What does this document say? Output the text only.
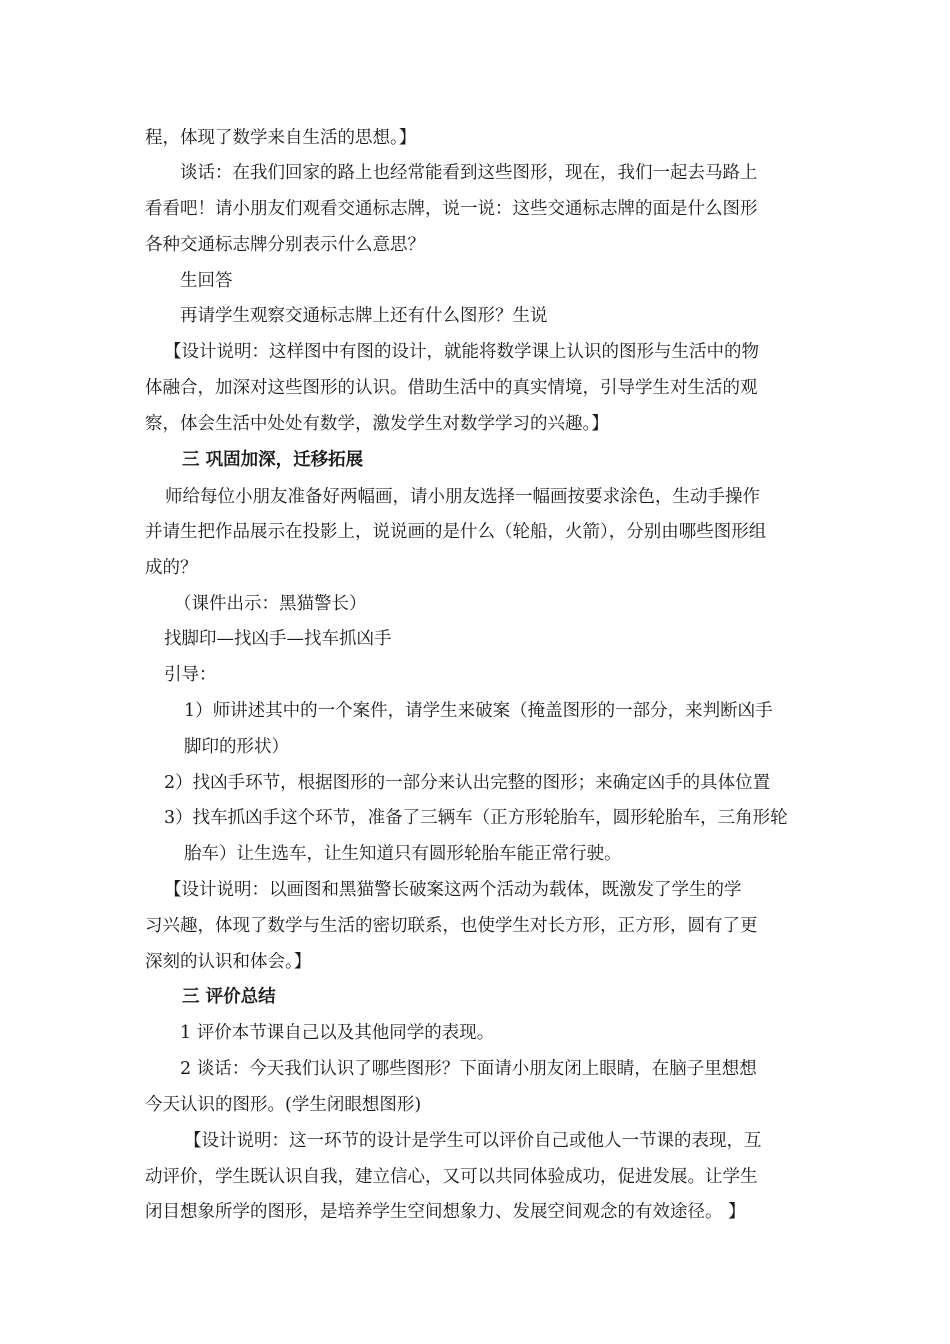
程，体现了数学来自生活的思想。】
谈话：在我们回家的路上也经常能看到这些图形，现在，我们一起去马路上
看看吧！请小朋友们观看交通标志牌，说一说：这些交通标志牌的面是什么图形
各种交通标志牌分别表示什么意思？
生回答
再请学生观察交通标志牌上还有什么图形？生说
【设计说明：这样图中有图的设计，就能将数学课上认识的图形与生活中的物
体融合，加深对这些图形的认识。借助生活中的真实情境，引导学生对生活的观
察，体会生活中处处有数学，激发学生对数学学习的兴趣。】
三 巩固加深，迁移拓展
师给每位小朋友准备好两幅画，请小朋友选择一幅画按要求涂色，生动手操作
并请生把作品展示在投影上，说说画的是什么（轮船，火箭），分别由哪些图形组
成的？
（课件出示：黑猫警长）
找脚印—找凶手—找车抓凶手
引导：
1）师讲述其中的一个案件，请学生来破案（掩盖图形的一部分，来判断凶手
脚印的形状）
2）找凶手环节，根据图形的一部分来认出完整的图形；来确定凶手的具体位置
3）找车抓凶手这个环节，准备了三辆车（正方形轮胎车，圆形轮胎车，三角形轮
胎车）让生选车，让生知道只有圆形轮胎车能正常行驶。
【设计说明：以画图和黑猫警长破案这两个活动为载体，既激发了学生的学
习兴趣，体现了数学与生活的密切联系，也使学生对长方形，正方形，圆有了更
深刻的认识和体会。】
三 评价总结
1 评价本节课自己以及其他同学的表现。
2 谈话：今天我们认识了哪些图形？下面请小朋友闭上眼睛，在脑子里想想
今天认识的图形。(学生闭眼想图形)
【设计说明：这一环节的设计是学生可以评价自己或他人一节课的表现，互
动评价，学生既认识自我，建立信心，又可以共同体验成功，促进发展。让学生
闭目想象所学的图形，是培养学生空间想象力、发展空间观念的有效途径。 】
